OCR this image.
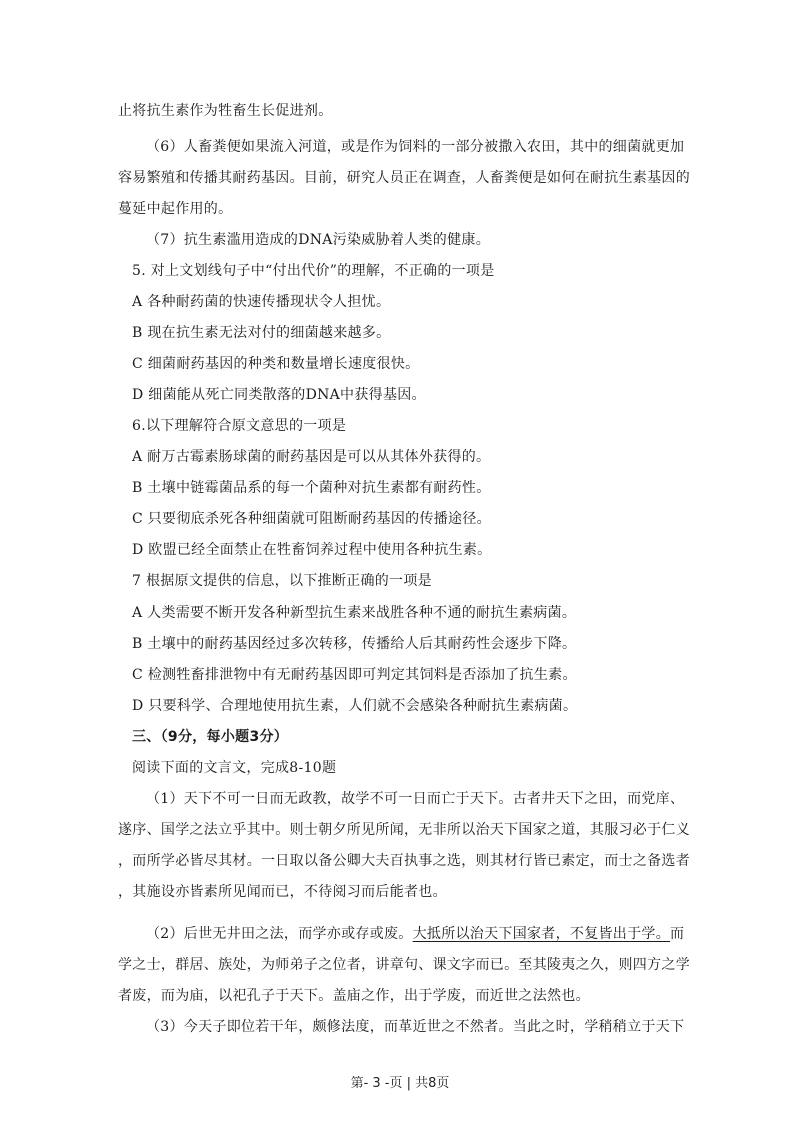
止将抗生素作为牲畜生长促进剂。
（6）人畜粪便如果流入河道，或是作为饲料的一部分被撒入农田，其中的细菌就更加
容易繁殖和传播其耐药基因。目前，研究人员正在调查，人畜粪便是如何在耐抗生素基因的
蔓延中起作用的。
（7）抗生素滥用造成的DNA污染威胁着人类的健康。
5. 对上文划线句子中“付出代价”的理解，不正确的一项是
A 各种耐药菌的快速传播现状令人担忧。
B 现在抗生素无法对付的细菌越来越多。
C 细菌耐药基因的种类和数量增长速度很快。
D 细菌能从死亡同类散落的DNA中获得基因。
6.以下理解符合原文意思的一项是
A 耐万古霉素肠球菌的耐药基因是可以从其体外获得的。
B 土壤中链霉菌品系的每一个菌种对抗生素都有耐药性。
C 只要彻底杀死各种细菌就可阻断耐药基因的传播途径。
D 欧盟已经全面禁止在牲畜饲养过程中使用各种抗生素。
7 根据原文提供的信息，以下推断正确的一项是
A 人类需要不断开发各种新型抗生素来战胜各种不通的耐抗生素病菌。
B 土壤中的耐药基因经过多次转移，传播给人后其耐药性会逐步下降。
C 检测牲畜排泄物中有无耐药基因即可判定其饲料是否添加了抗生素。
D 只要科学、合理地使用抗生素，人们就不会感染各种耐抗生素病菌。
三、（9分，每小题3分）
阅读下面的文言文，完成8-10题
（1）天下不可一日而无政教，故学不可一日而亡于天下。古者井天下之田，而党庠、
遂序、国学之法立乎其中。则士朝夕所见所闻，无非所以治天下国家之道，其服习必于仁义
，而所学必皆尽其材。一日取以备公卿大夫百执事之选，则其材行皆已素定，而士之备选者
，其施设亦皆素所见闻而已，不待阅习而后能者也。
（2）后世无井田之法，而学亦或存或废。大抵所以治天下国家者，不复皆出于学。而
学之士，群居、族处，为师弟子之位者，讲章句、课文字而已。至其陵夷之久，则四方之学
者废，而为庙，以祀孔子于天下。盖庙之作，出于学废，而近世之法然也。
（3）今天子即位若干年，颇修法度，而革近世之不然者。当此之时，学稍稍立于天下
第- 3 -页 | 共8页
